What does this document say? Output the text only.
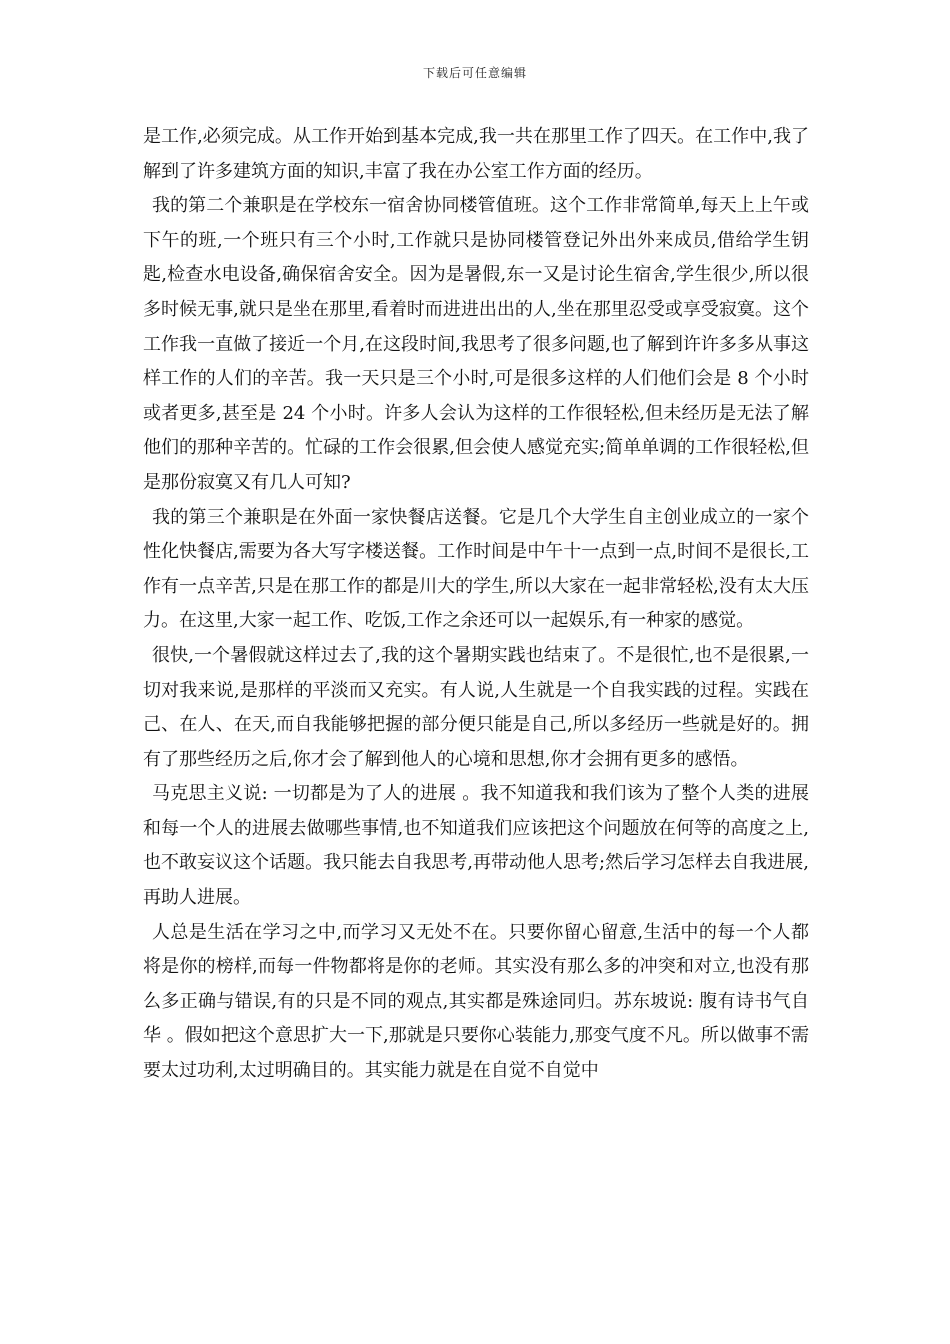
下载后可任意编辑

是工作,必须完成。从工作开始到基本完成,我一共在那里工作了四天。在工作中,我了解到了许多建筑方面的知识,丰富了我在办公室工作方面的经历。

我的第二个兼职是在学校东一宿舍协同楼管值班。这个工作非常简单,每天上上午或下午的班,一个班只有三个小时,工作就只是协同楼管登记外出外来成员,借给学生钥匙,检查水电设备,确保宿舍安全。因为是暑假,东一又是讨论生宿舍,学生很少,所以很多时候无事,就只是坐在那里,看着时而进进出出的人,坐在那里忍受或享受寂寞。这个工作我一直做了接近一个月,在这段时间,我思考了很多问题,也了解到许许多多从事这样工作的人们的辛苦。我一天只是三个小时,可是很多这样的人们他们会是 8 个小时或者更多,甚至是 24 个小时。许多人会认为这样的工作很轻松,但未经历是无法了解他们的那种辛苦的。忙碌的工作会很累,但会使人感觉充实;简单单调的工作很轻松,但是那份寂寞又有几人可知?

我的第三个兼职是在外面一家快餐店送餐。它是几个大学生自主创业成立的一家个性化快餐店,需要为各大写字楼送餐。工作时间是中午十一点到一点,时间不是很长,工作有一点辛苦,只是在那工作的都是川大的学生,所以大家在一起非常轻松,没有太大压力。在这里,大家一起工作、吃饭,工作之余还可以一起娱乐,有一种家的感觉。

很快,一个暑假就这样过去了,我的这个暑期实践也结束了。不是很忙,也不是很累,一切对我来说,是那样的平淡而又充实。有人说,人生就是一个自我实践的过程。实践在己、在人、在天,而自我能够把握的部分便只能是自己,所以多经历一些就是好的。拥有了那些经历之后,你才会了解到他人的心境和思想,你才会拥有更多的感悟。

马克思主义说: 一切都是为了人的进展 。我不知道我和我们该为了整个人类的进展和每一个人的进展去做哪些事情,也不知道我们应该把这个问题放在何等的高度之上,也不敢妄议这个话题。我只能去自我思考,再带动他人思考;然后学习怎样去自我进展,再助人进展。

人总是生活在学习之中,而学习又无处不在。只要你留心留意,生活中的每一个人都将是你的榜样,而每一件物都将是你的老师。其实没有那么多的冲突和对立,也没有那么多正确与错误,有的只是不同的观点,其实都是殊途同归。苏东坡说: 腹有诗书气自华 。假如把这个意思扩大一下,那就是只要你心装能力,那变气度不凡。所以做事不需要太过功利,太过明确目的。其实能力就是在自觉不自觉中
